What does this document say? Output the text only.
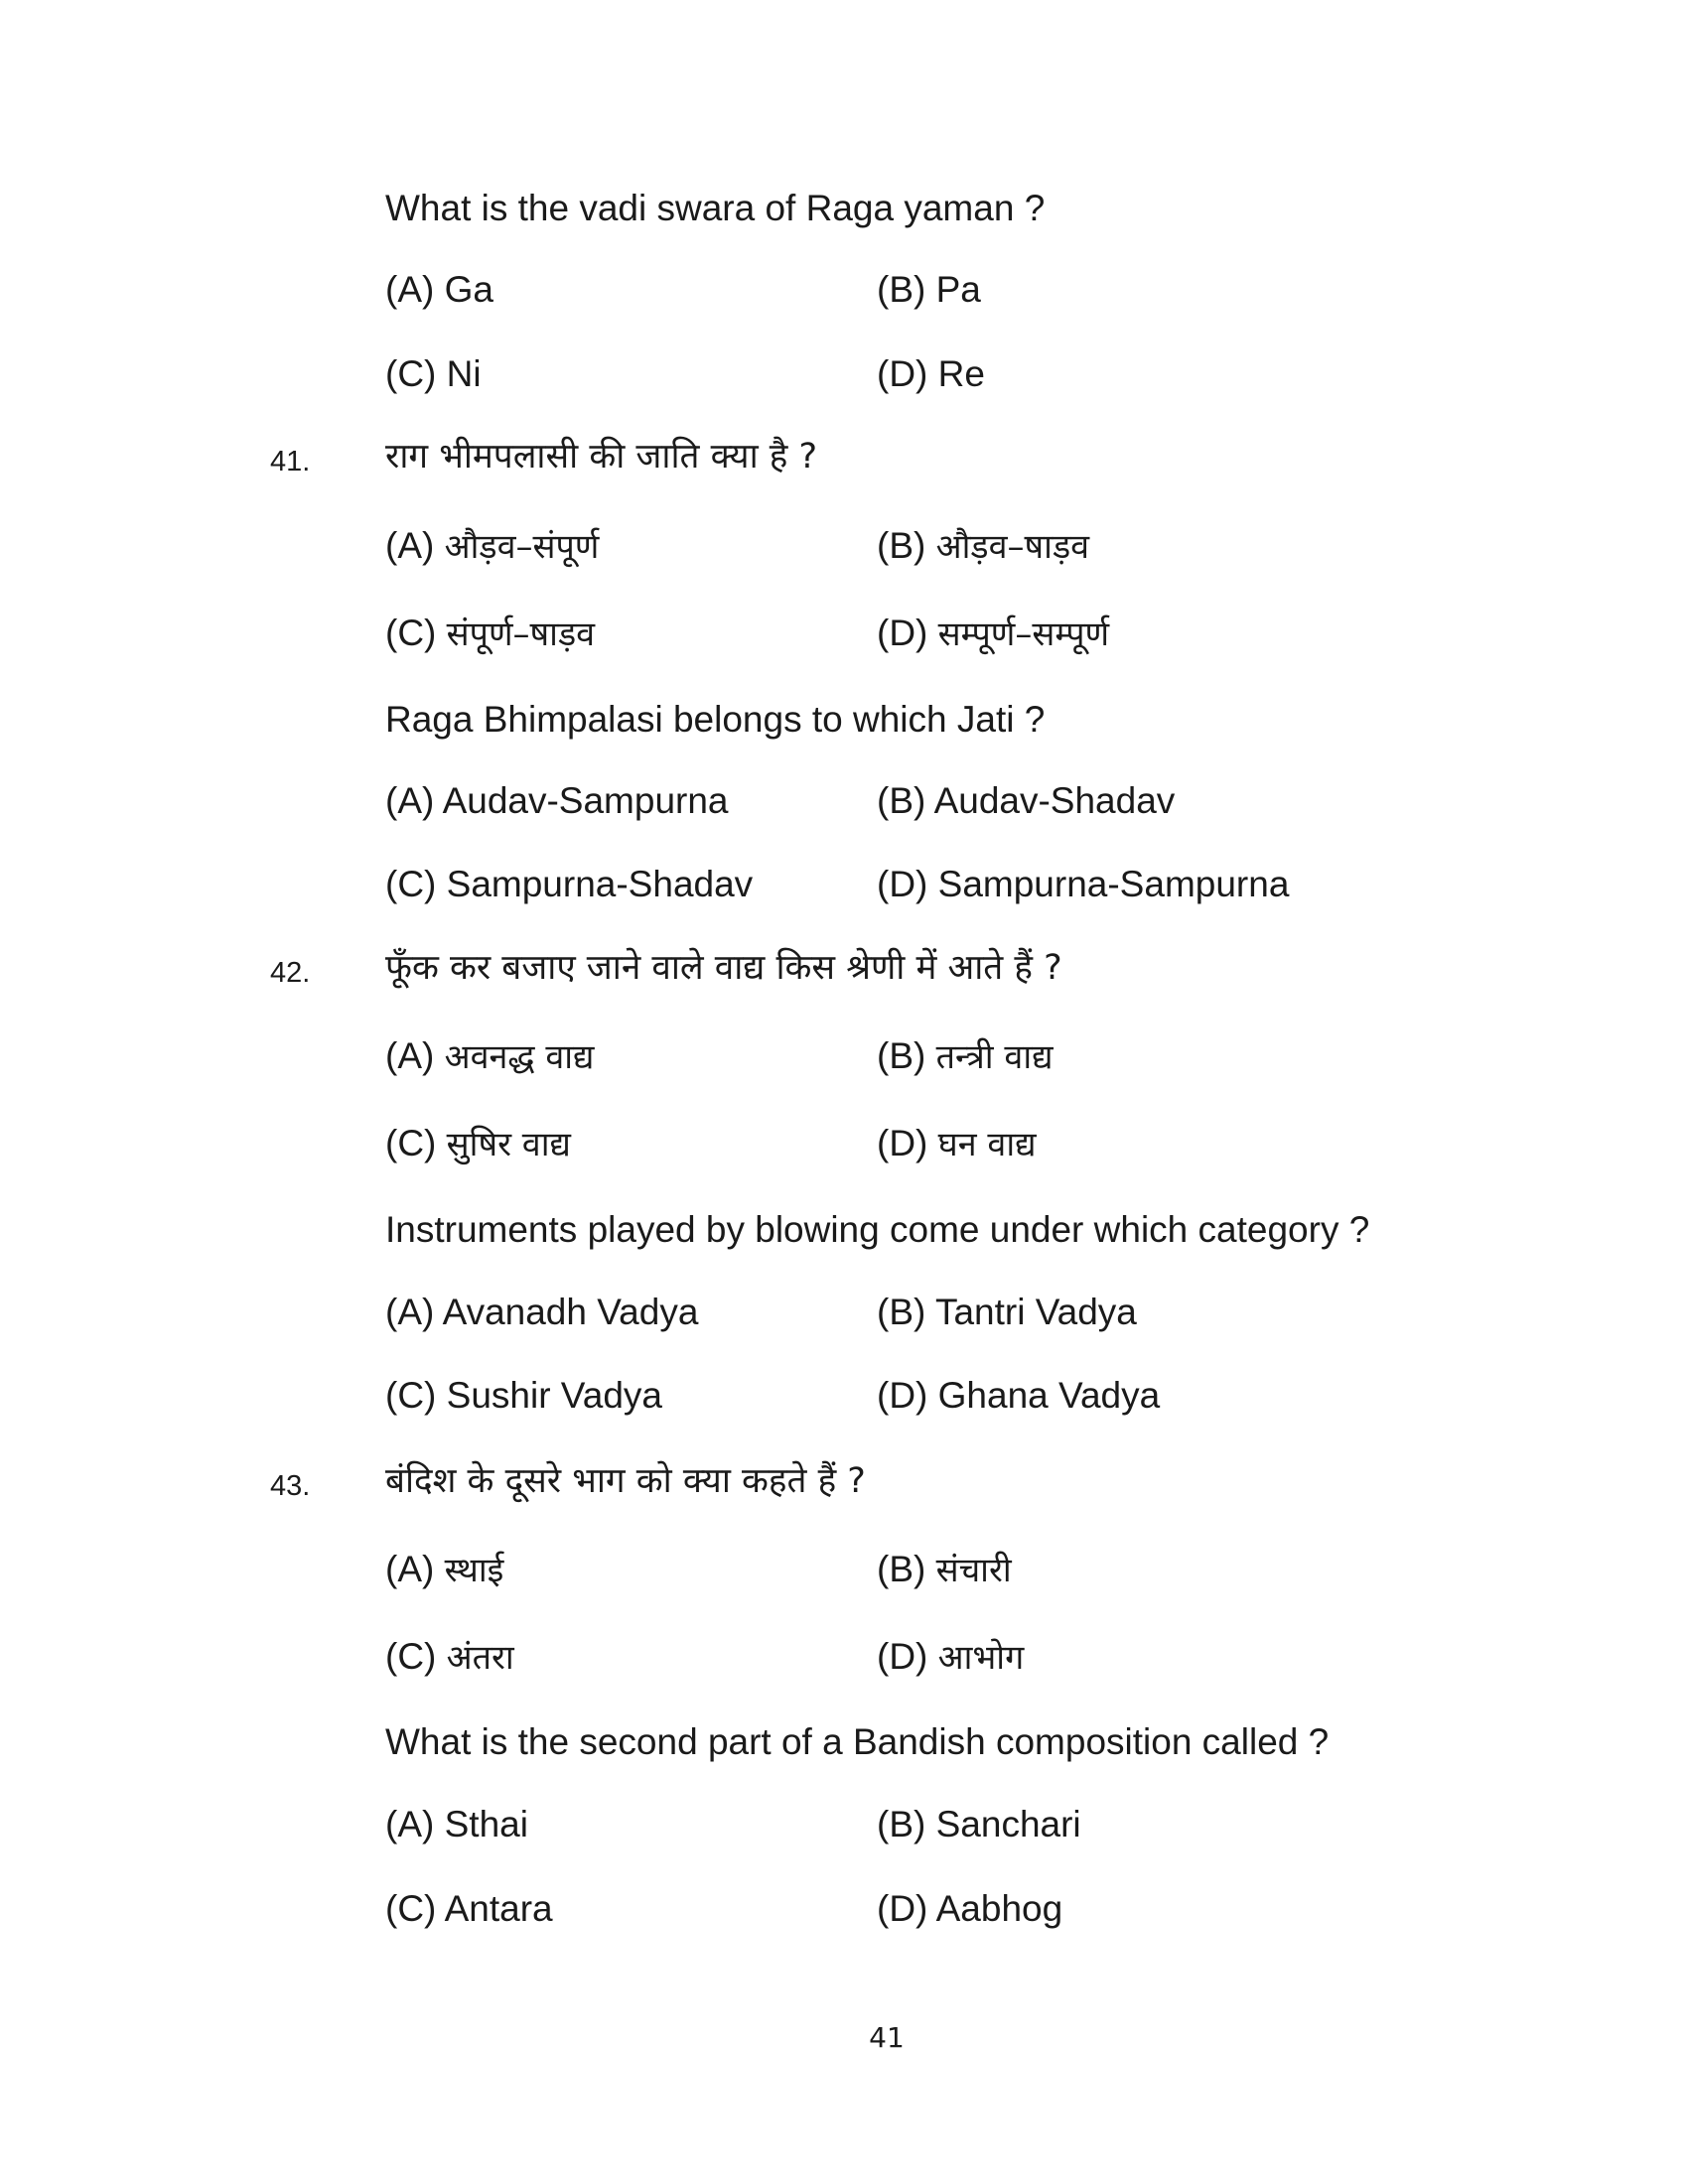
What is the vadi swara of Raga yaman ?
(A) Ga	(B) Pa
(C) Ni	(D) Re
41. राग भीमपलासी की जाति क्या है ?
(A) औड़व–संपूर्ण	(B) औड़व–षाड़व
(C) संपूर्ण–षाड़व	(D) सम्पूर्ण–सम्पूर्ण
Raga Bhimpalasi belongs to which Jati ?
(A) Audav-Sampurna	(B) Audav-Shadav
(C) Sampurna-Shadav	(D) Sampurna-Sampurna
42. फूँक कर बजाए जाने वाले वाद्य किस श्रेणी में आते हैं ?
(A) अवनद्ध वाद्य	(B) तन्त्री वाद्य
(C) सुषिर वाद्य	(D) घन वाद्य
Instruments played by blowing come under which category ?
(A) Avanadh Vadya	(B) Tantri Vadya
(C) Sushir Vadya	(D) Ghana Vadya
43. बंदिश के दूसरे भाग को क्या कहते हैं ?
(A) स्थाई	(B) संचारी
(C) अंतरा	(D) आभोग
What is the second part of a Bandish composition called ?
(A) Sthai	(B) Sanchari
(C) Antara	(D) Aabhog
41
